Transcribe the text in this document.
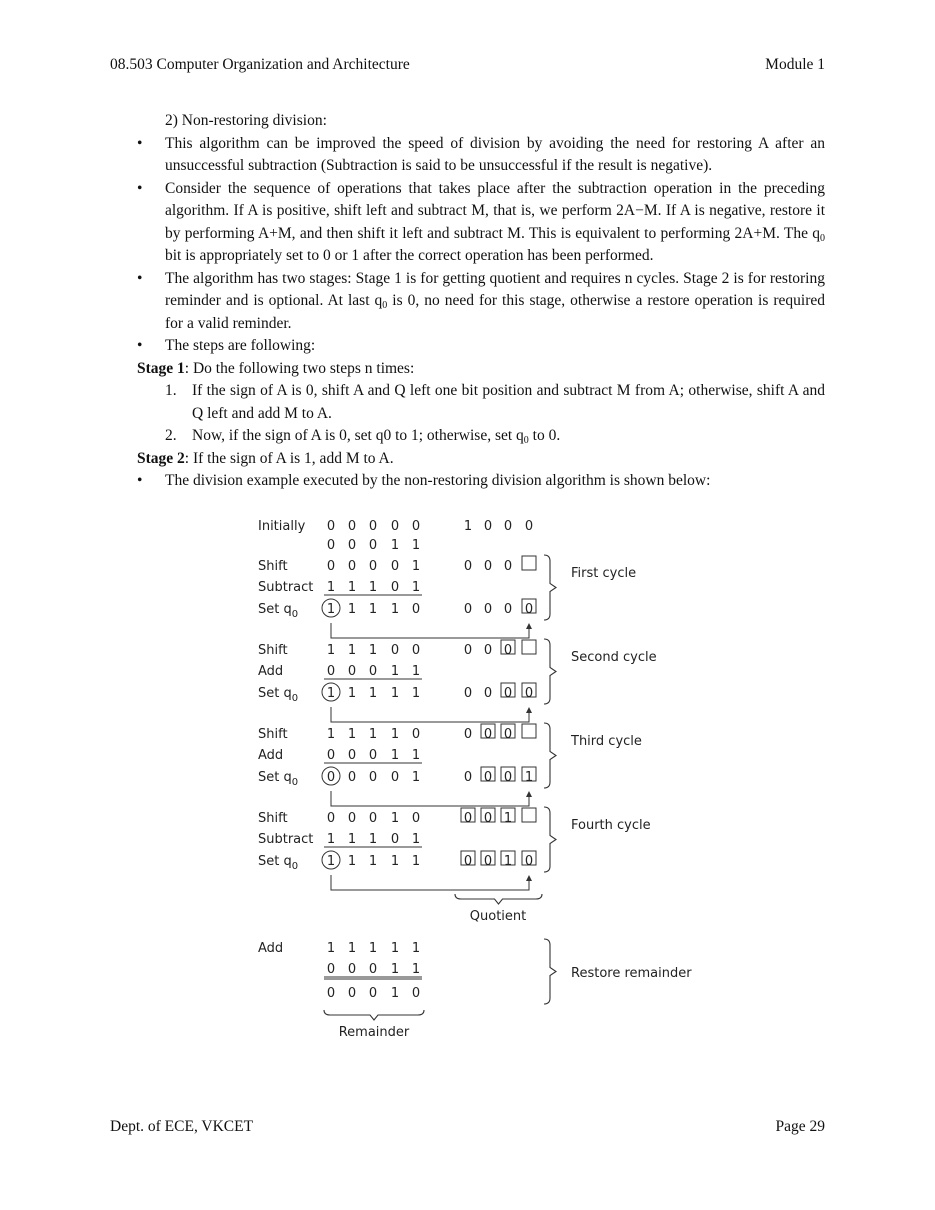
08.503 Computer Organization and Architecture	Module 1
2) Non-restoring division:
• This algorithm can be improved the speed of division by avoiding the need for restoring A after an unsuccessful subtraction (Subtraction is said to be unsuccessful if the result is negative).
• Consider the sequence of operations that takes place after the subtraction operation in the preceding algorithm. If A is positive, shift left and subtract M, that is, we perform 2A−M. If A is negative, restore it by performing A+M, and then shift it left and subtract M. This is equivalent to performing 2A+M. The $q_0$ bit is appropriately set to 0 or 1 after the correct operation has been performed.
• The algorithm has two stages: Stage 1 is for getting quotient and requires n cycles. Stage 2 is for restoring reminder and is optional. At last $q_0$ is 0, no need for this stage, otherwise a restore operation is required for a valid reminder.
• The steps are following:
Stage 1: Do the following two steps n times:
1. If the sign of A is 0, shift A and Q left one bit position and subtract M from A; otherwise, shift A and Q left and add M to A.
2. Now, if the sign of A is 0, set q0 to 1; otherwise, set $q_0$ to 0.
Stage 2: If the sign of A is 1, add M to A.
• The division example executed by the non-restoring division algorithm is shown below:
Initially 0 0 0 0 0	1 0 0 0
0 0 0 1 1
Shift	0 0 0 0 1	0 0 0
Subtract 1 1 1 0 1
Set $q_0$ 1 1 1 1 0	0 0 0 0
First cycle
Shift	1 1 1 0 0	0 0 0
Add	0 0 0 1 1
Set $q_0$ 1 1 1 1 1	0 0 0 0
Second cycle
Shift	1 1 1 1 0	0 0 0
Add	0 0 0 1 1
Set $q_0$ 0 0 0 0 1	0 0 0 1
Third cycle
Shift	0 0 0 1 0	0 0 1
Subtract 1 1 1 0 1
Set $q_0$ 1 1 1 1 1	0 0 1 0
Fourth cycle
Quotient
Add	1 1 1 1 1
0 0 0 1 1
0 0 0 1 0
Restore remainder
Remainder
Dept. of ECE, VKCET	Page 29
